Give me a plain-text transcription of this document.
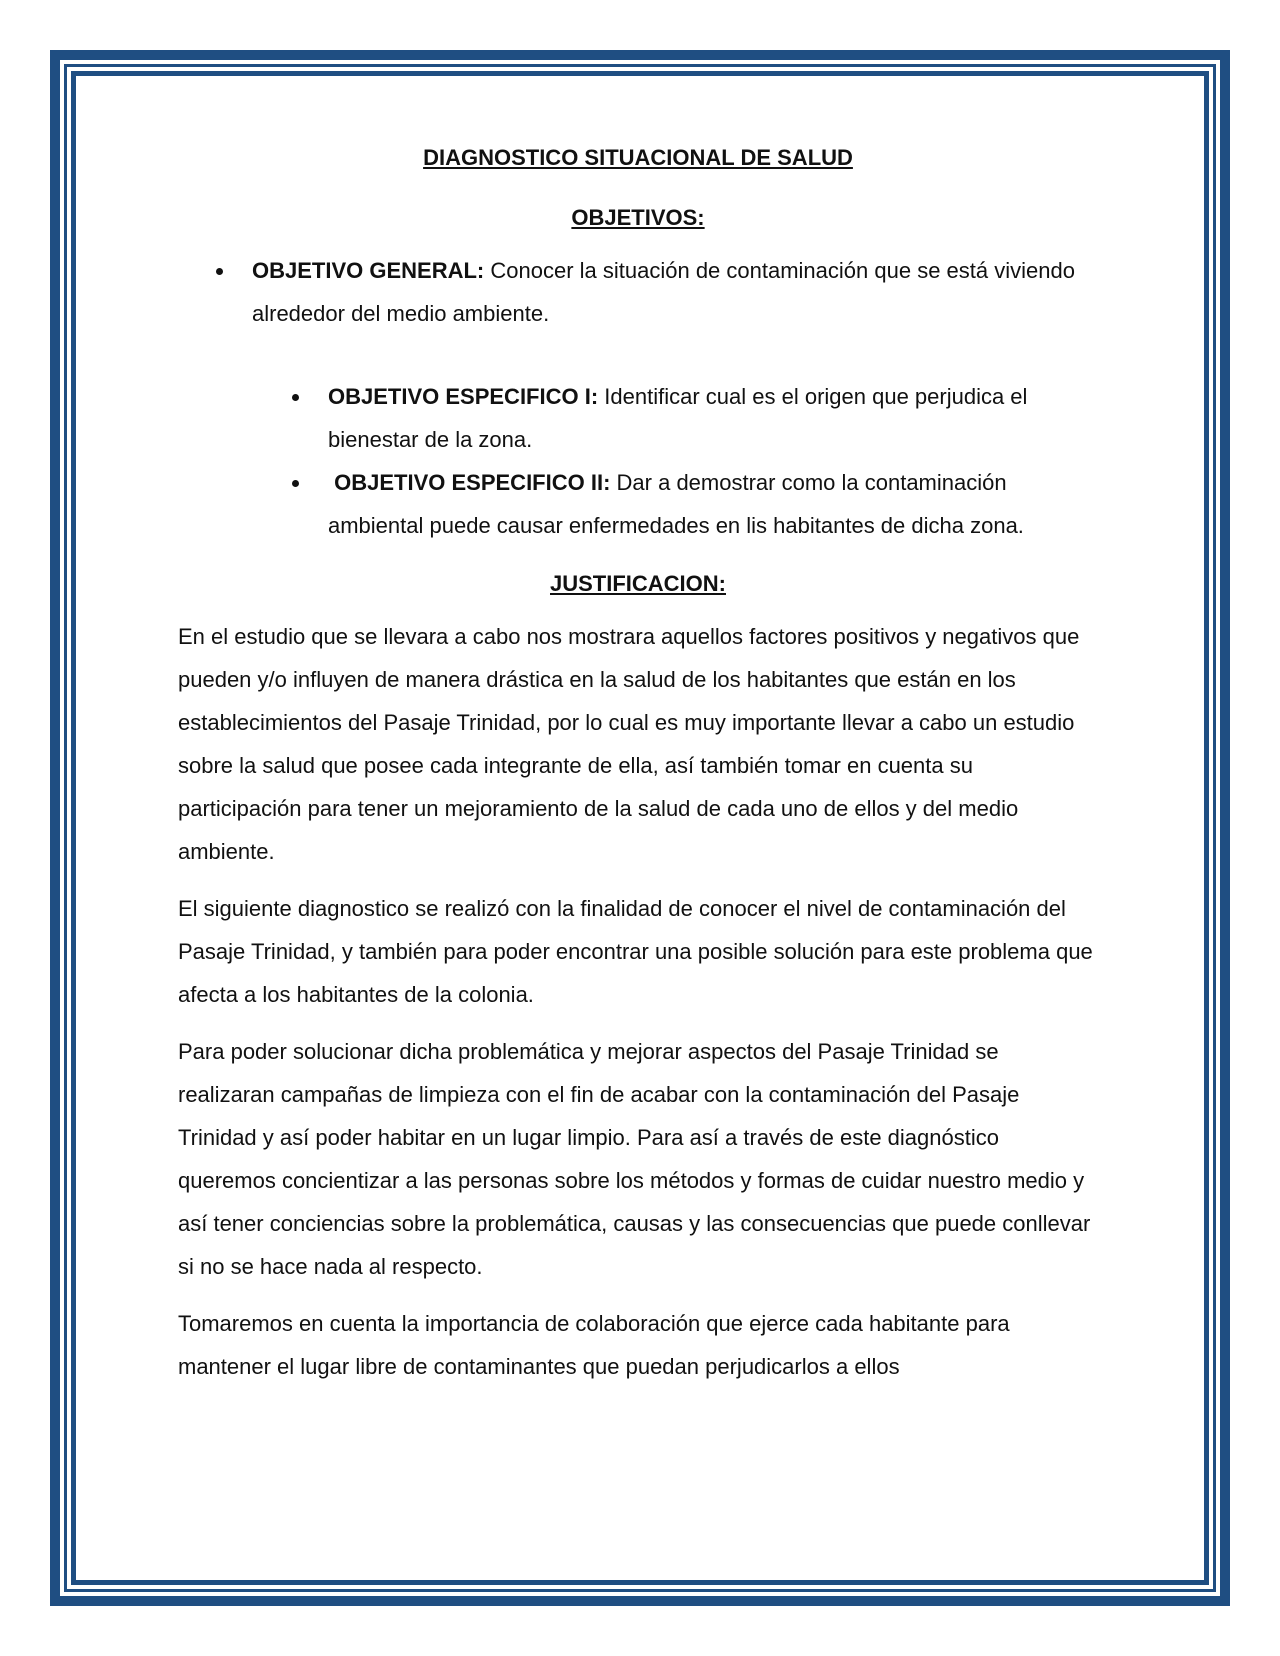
DIAGNOSTICO SITUACIONAL DE SALUD
OBJETIVOS:
OBJETIVO GENERAL: Conocer la situación de contaminación que se está viviendo alrededor del medio ambiente.
OBJETIVO ESPECIFICO I: Identificar cual es el origen que perjudica el bienestar de la zona.
OBJETIVO ESPECIFICO II: Dar a demostrar como la contaminación ambiental puede causar enfermedades en lis habitantes de dicha zona.
JUSTIFICACION:

En el estudio que se llevara a cabo nos mostrara aquellos factores positivos y negativos que pueden y/o influyen de manera drástica en la salud de los habitantes que están en los establecimientos del Pasaje Trinidad, por lo cual es muy importante llevar a cabo un estudio sobre la salud que posee cada integrante de ella, así también tomar en cuenta su participación para tener un mejoramiento de la salud de cada uno de ellos y del medio ambiente.

El siguiente diagnostico se realizó con la finalidad de conocer el nivel de contaminación del Pasaje Trinidad, y también para poder encontrar una posible solución para este problema que afecta a los habitantes de la colonia.

Para poder solucionar dicha problemática y mejorar aspectos del Pasaje Trinidad se realizaran campañas de limpieza con el fin de acabar con la contaminación del Pasaje Trinidad y así poder habitar en un lugar limpio. Para así a través de este diagnóstico queremos concientizar a las personas sobre los métodos y formas de cuidar nuestro medio y así tener conciencias sobre la problemática, causas y las consecuencias que puede conllevar si no se hace nada al respecto.

Tomaremos en cuenta la importancia de colaboración que ejerce cada habitante para mantener el lugar libre de contaminantes que puedan perjudicarlos a ellos
